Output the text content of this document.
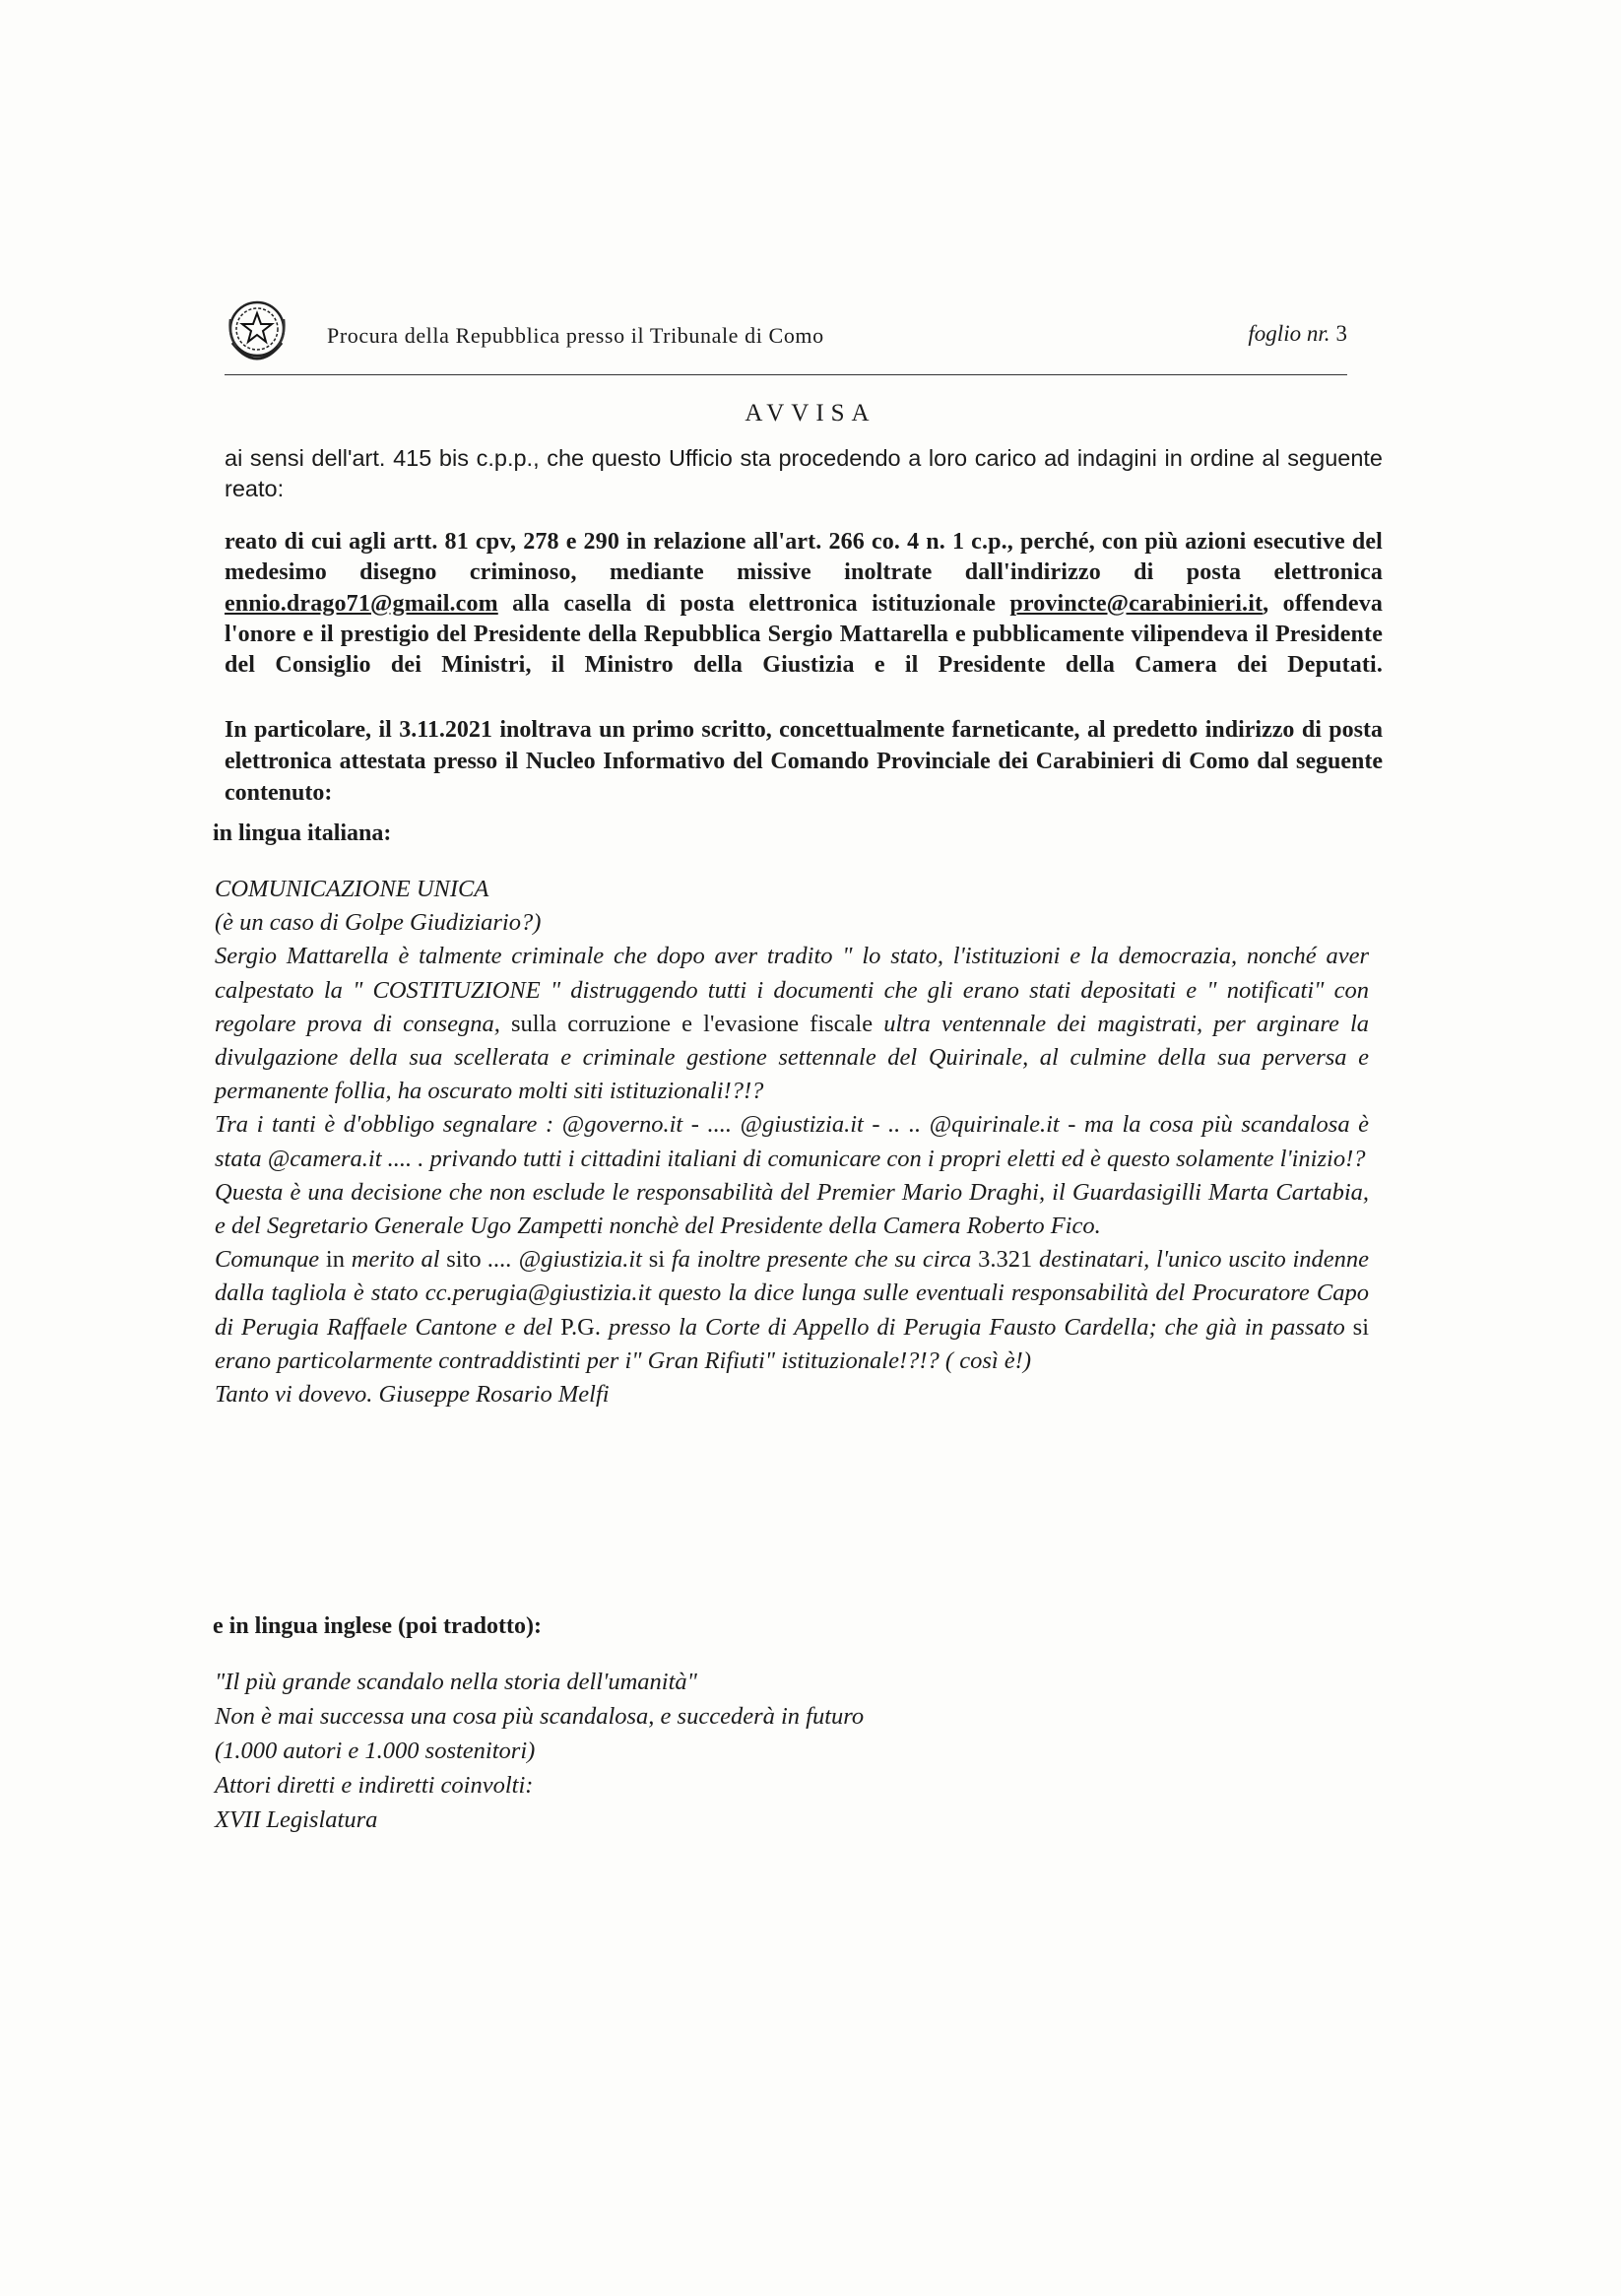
Procura della Repubblica presso il Tribunale di Como	foglio nr. 3
AVVISA

ai sensi dell'art. 415 bis c.p.p., che questo Ufficio sta procedendo a loro carico ad indagini in ordine al seguente reato:

reato di cui agli artt. 81 cpv, 278 e 290 in relazione all'art. 266 co. 4 n. 1 c.p., perché, con più azioni esecutive del medesimo disegno criminoso, mediante missive inoltrate dall'indirizzo di posta elettronica ennio.drago71@gmail.com alla casella di posta elettronica istituzionale provincte@carabinieri.it, offendeva l'onore e il prestigio del Presidente della Repubblica Sergio Mattarella e pubblicamente vilipendeva il Presidente del Consiglio dei Ministri, il Ministro della Giustizia e il Presidente della Camera dei Deputati.

In particolare, il 3.11.2021 inoltrava un primo scritto, concettualmente farneticante, al predetto indirizzo di posta elettronica attestata presso il Nucleo Informativo del Comando Provinciale dei Carabinieri di Como dal seguente contenuto:

in lingua italiana:

COMUNICAZIONE UNICA
(è un caso di Golpe Giudiziario?)
Sergio Mattarella è talmente criminale che dopo aver tradito " lo stato, l'istituzioni e la democrazia, nonché aver calpestato la " COSTITUZIONE " distruggendo tutti i documenti che gli erano stati depositati e " notificati" con regolare prova di consegna, sulla corruzione e l'evasione fiscale ultra ventennale dei magistrati, per arginare la divulgazione della sua scellerata e criminale gestione settennale del Quirinale, al culmine della sua perversa e permanente follia, ha oscurato molti siti istituzionali!?!?
Tra i tanti è d'obbligo segnalare : @governo.it - .... @giustizia.it - .. .. @quirinale.it - ma la cosa più scandalosa è stata @camera.it .... . privando tutti i cittadini italiani di comunicare con i propri eletti ed è questo solamente l'inizio!?
Questa è una decisione che non esclude le responsabilità del Premier Mario Draghi, il Guardasigilli Marta Cartabia, e del Segretario Generale Ugo Zampetti nonchè del Presidente della Camera Roberto Fico.
Comunque in merito al sito .... @giustizia.it si fa inoltre presente che su circa 3.321 destinatari, l'unico uscito indenne dalla tagliola è stato cc.perugia@giustizia.it questo la dice lunga sulle eventuali responsabilità del Procuratore Capo di Perugia Raffaele Cantone e del P.G. presso la Corte di Appello di Perugia Fausto Cardella; che già in passato si erano particolarmente contraddistinti per i" Gran Rifiuti" istituzionale!?!? ( così è!)
Tanto vi dovevo. Giuseppe Rosario Melfi

e in lingua inglese (poi tradotto):

"Il più grande scandalo nella storia dell'umanità"
Non è mai successa una cosa più scandalosa, e succederà in futuro
(1.000 autori e 1.000 sostenitori)
Attori diretti e indiretti coinvolti:
XVII Legislatura
